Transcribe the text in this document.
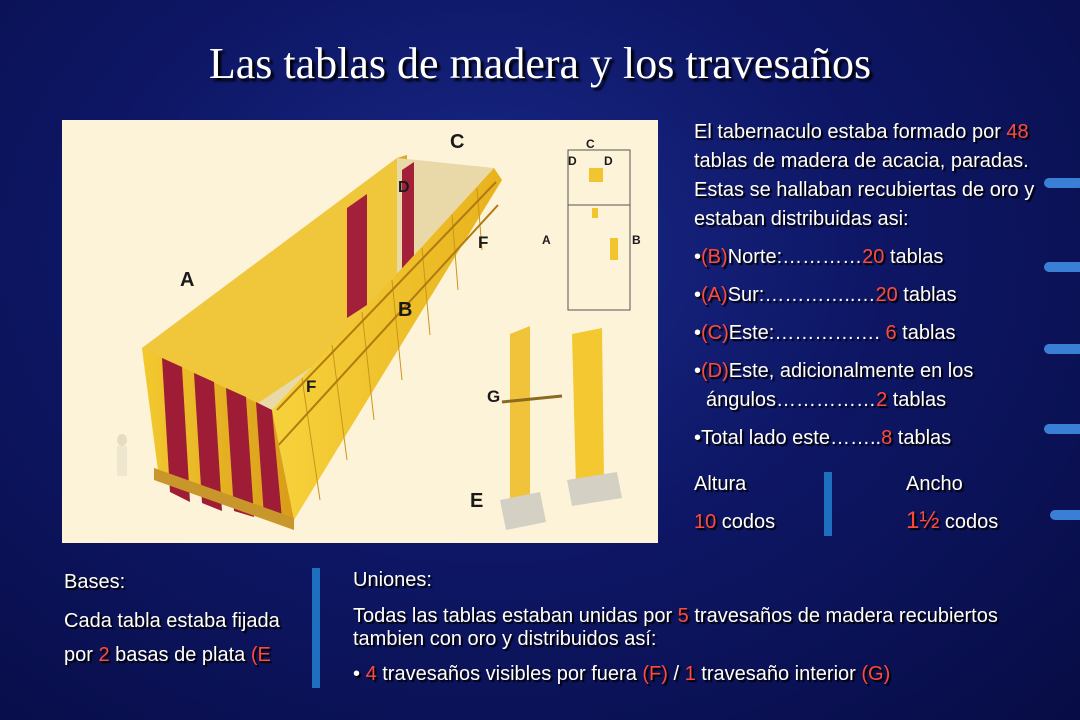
Las tablas de madera y los travesaños
A
B
C
D
F
F
G
E
C
D D
A	B

El tabernaculo estaba formado por 48 tablas de madera de acacia, paradas. Estas se hallaban recubiertas de oro y estaban distribuidas asi:

•(B)Norte:…………20 tablas
•(A)Sur:…………..…20 tablas
•(C)Este:……………. 6 tablas
•(D)Este, adicionalmente en los ángulos……………2 tablas
•Total lado este……..8 tablas
Altura	Ancho
10 codos	1½ codos
Bases:
Cada tabla estaba fijada
por 2 basas de plata (E
Uniones:
Todas las tablas estaban unidas por 5 travesaños de madera recubiertos tambien con oro y distribuidos así:
• 4 travesaños visibles por fuera (F) / 1 travesaño interior (G)
